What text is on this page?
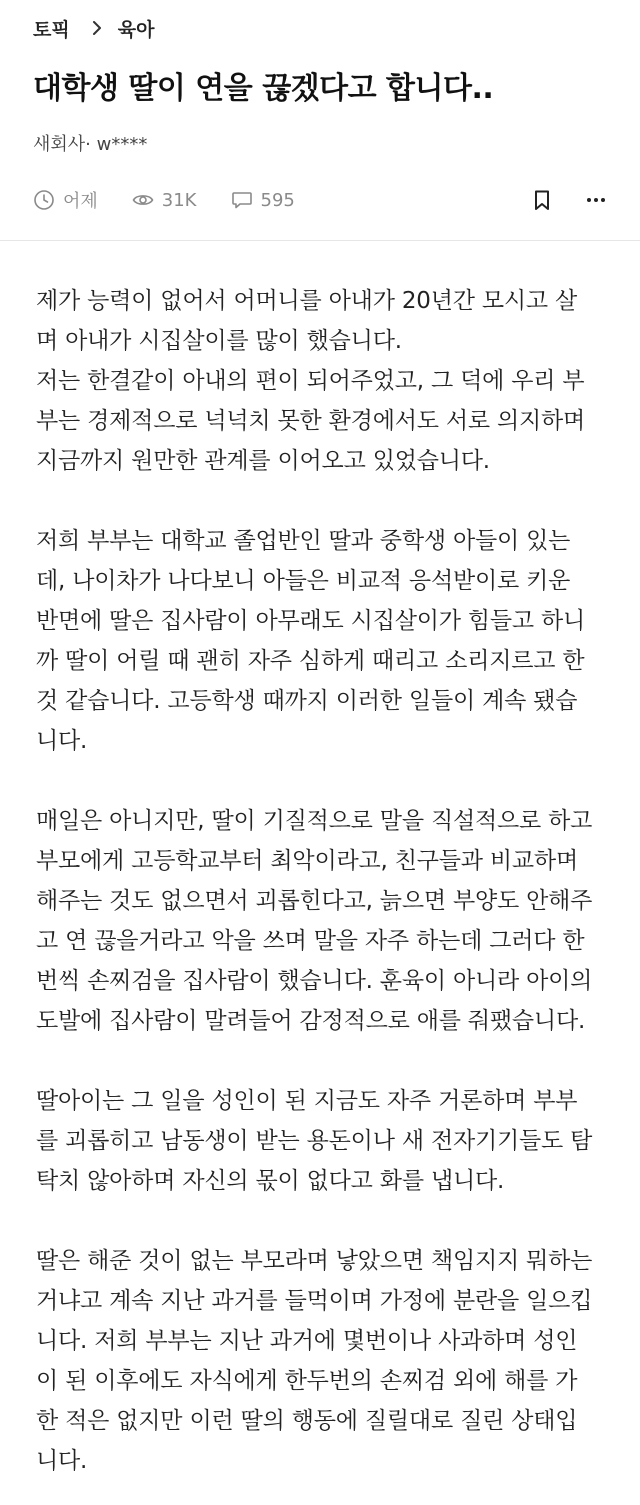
토픽	육아
대학생 딸이 연을 끊겠다고 합니다..
새회사· w****
어제	31K	595

제가 능력이 없어서 어머니를 아내가 20년간 모시고 살
며 아내가 시집살이를 많이 했습니다.
저는 한결같이 아내의 편이 되어주었고, 그 덕에 우리 부
부는 경제적으로 넉넉치 못한 환경에서도 서로 의지하며
지금까지 원만한 관계를 이어오고 있었습니다.

저희 부부는 대학교 졸업반인 딸과 중학생 아들이 있는
데, 나이차가 나다보니 아들은 비교적 응석받이로 키운
반면에 딸은 집사람이 아무래도 시집살이가 힘들고 하니
까 딸이 어릴 때 괜히 자주 심하게 때리고 소리지르고 한
것 같습니다. 고등학생 때까지 이러한 일들이 계속 됐습
니다.

매일은 아니지만, 딸이 기질적으로 말을 직설적으로 하고
부모에게 고등학교부터 최악이라고, 친구들과 비교하며
해주는 것도 없으면서 괴롭힌다고, 늙으면 부양도 안해주
고 연 끊을거라고 악을 쓰며 말을 자주 하는데 그러다 한
번씩 손찌검을 집사람이 했습니다. 훈육이 아니라 아이의
도발에 집사람이 말려들어 감정적으로 애를 줘팼습니다.

딸아이는 그 일을 성인이 된 지금도 자주 거론하며 부부
를 괴롭히고 남동생이 받는 용돈이나 새 전자기기들도 탐
탁치 않아하며 자신의 몫이 없다고 화를 냅니다.

딸은 해준 것이 없는 부모라며 낳았으면 책임지지 뭐하는
거냐고 계속 지난 과거를 들먹이며 가정에 분란을 일으킵
니다. 저희 부부는 지난 과거에 몇번이나 사과하며 성인
이 된 이후에도 자식에게 한두번의 손찌검 외에 해를 가
한 적은 없지만 이런 딸의 행동에 질릴대로 질린 상태입
니다.
